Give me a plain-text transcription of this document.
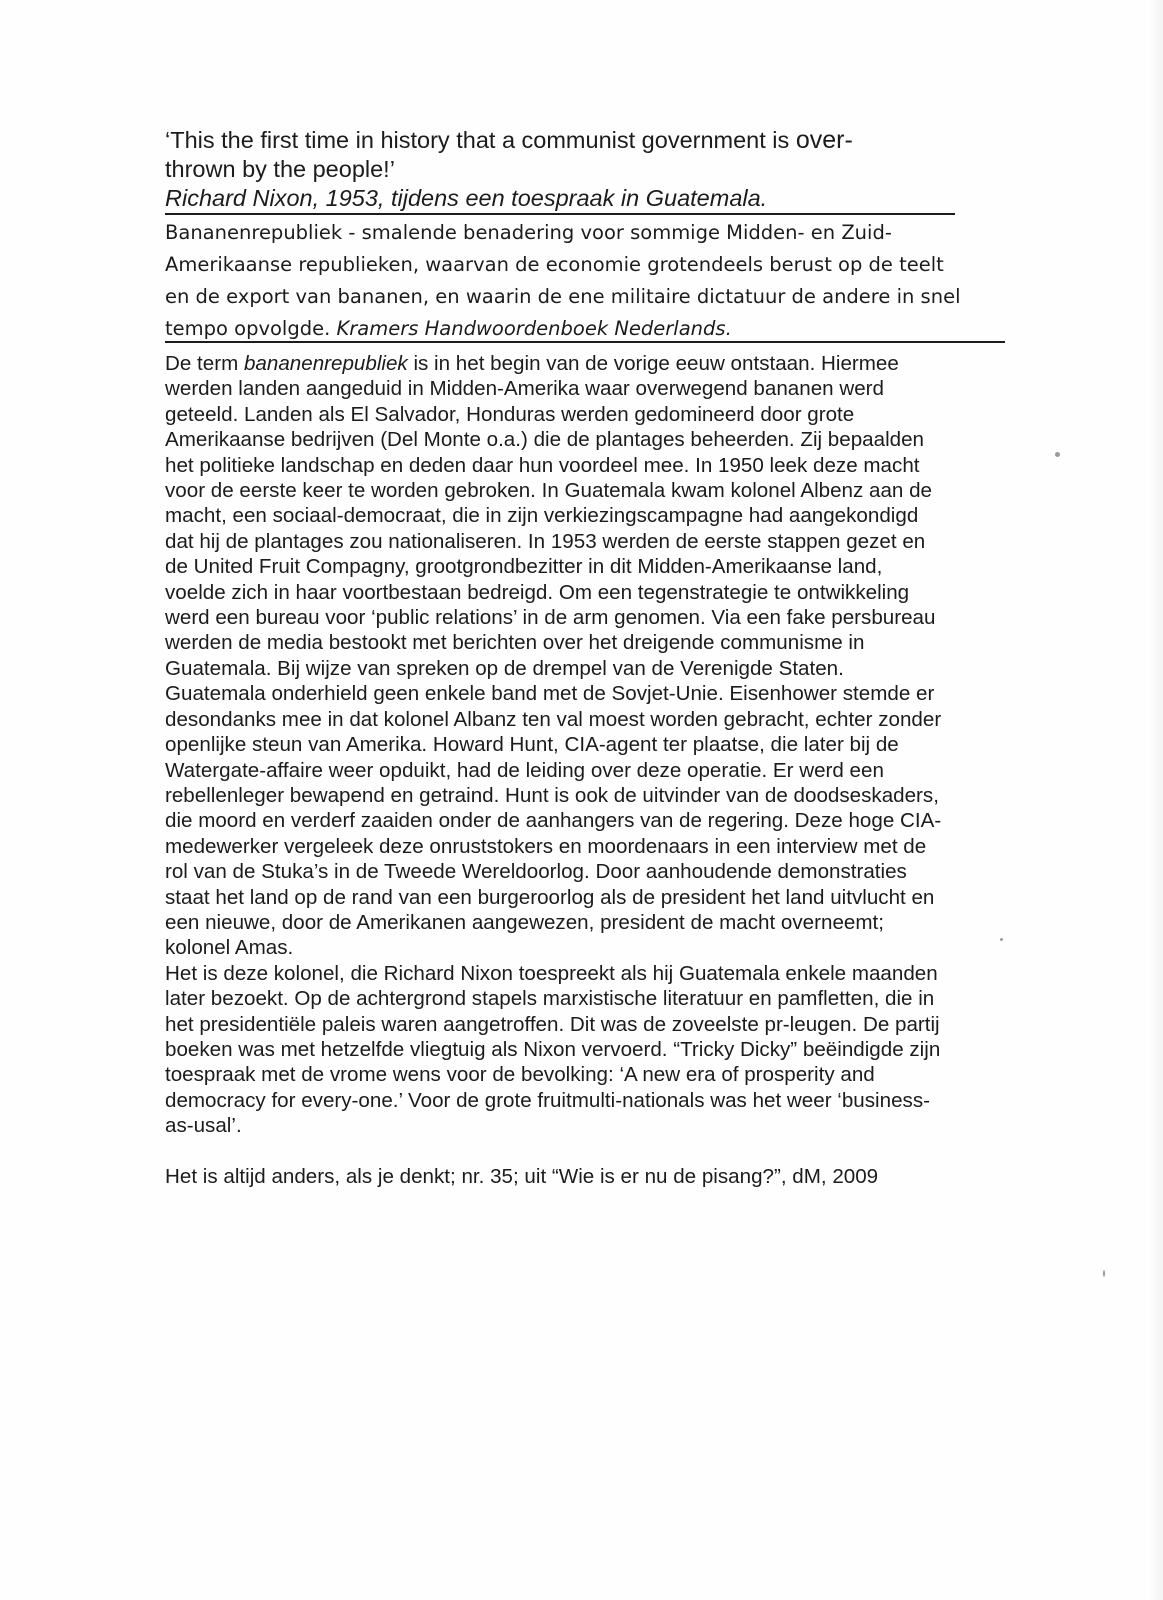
‘This the first time in history that a communist government is over-
thrown by the people!’
Richard Nixon, 1953, tijdens een toespraak in Guatemala.
Bananenrepubliek - smalende benadering voor sommige Midden- en Zuid-
Amerikaanse republieken, waarvan de economie grotendeels berust op de teelt
en de export van bananen, en waarin de ene militaire dictatuur de andere in snel
tempo opvolgde. Kramers Handwoordenboek Nederlands.

De term bananenrepubliek is in het begin van de vorige eeuw ontstaan. Hiermee
werden landen aangeduid in Midden-Amerika waar overwegend bananen werd
geteeld. Landen als El Salvador, Honduras werden gedomineerd door grote
Amerikaanse bedrijven (Del Monte o.a.) die de plantages beheerden. Zij bepaalden
het politieke landschap en deden daar hun voordeel mee. In 1950 leek deze macht
voor de eerste keer te worden gebroken. In Guatemala kwam kolonel Albenz aan de
macht, een sociaal-democraat, die in zijn verkiezingscampagne had aangekondigd
dat hij de plantages zou nationaliseren. In 1953 werden de eerste stappen gezet en
de United Fruit Compagny, grootgrondbezitter in dit Midden-Amerikaanse land,
voelde zich in haar voortbestaan bedreigd. Om een tegenstrategie te ontwikkeling
werd een bureau voor ‘public relations’ in de arm genomen. Via een fake persbureau
werden de media bestookt met berichten over het dreigende communisme in
Guatemala. Bij wijze van spreken op de drempel van de Verenigde Staten.
Guatemala onderhield geen enkele band met de Sovjet-Unie. Eisenhower stemde er
desondanks mee in dat kolonel Albanz ten val moest worden gebracht, echter zonder
openlijke steun van Amerika. Howard Hunt, CIA-agent ter plaatse, die later bij de
Watergate-affaire weer opduikt, had de leiding over deze operatie. Er werd een
rebellenleger bewapend en getraind. Hunt is ook de uitvinder van de doodseskaders,
die moord en verderf zaaiden onder de aanhangers van de regering. Deze hoge CIA-
medewerker vergeleek deze onruststokers en moordenaars in een interview met de
rol van de Stuka’s in de Tweede Wereldoorlog. Door aanhoudende demonstraties
staat het land op de rand van een burgeroorlog als de president het land uitvlucht en
een nieuwe, door de Amerikanen aangewezen, president de macht overneemt;
kolonel Amas.

Het is deze kolonel, die Richard Nixon toespreekt als hij Guatemala enkele maanden
later bezoekt. Op de achtergrond stapels marxistische literatuur en pamfletten, die in
het presidentiële paleis waren aangetroffen. Dit was de zoveelste pr-leugen. De partij
boeken was met hetzelfde vliegtuig als Nixon vervoerd. “Tricky Dicky” beëindigde zijn
toespraak met de vrome wens voor de bevolking: ‘A new era of prosperity and
democracy for every-one.’ Voor de grote fruitmulti-nationals was het weer ‘business-
as-usal’.

Het is altijd anders, als je denkt; nr. 35; uit “Wie is er nu de pisang?”, dM, 2009
